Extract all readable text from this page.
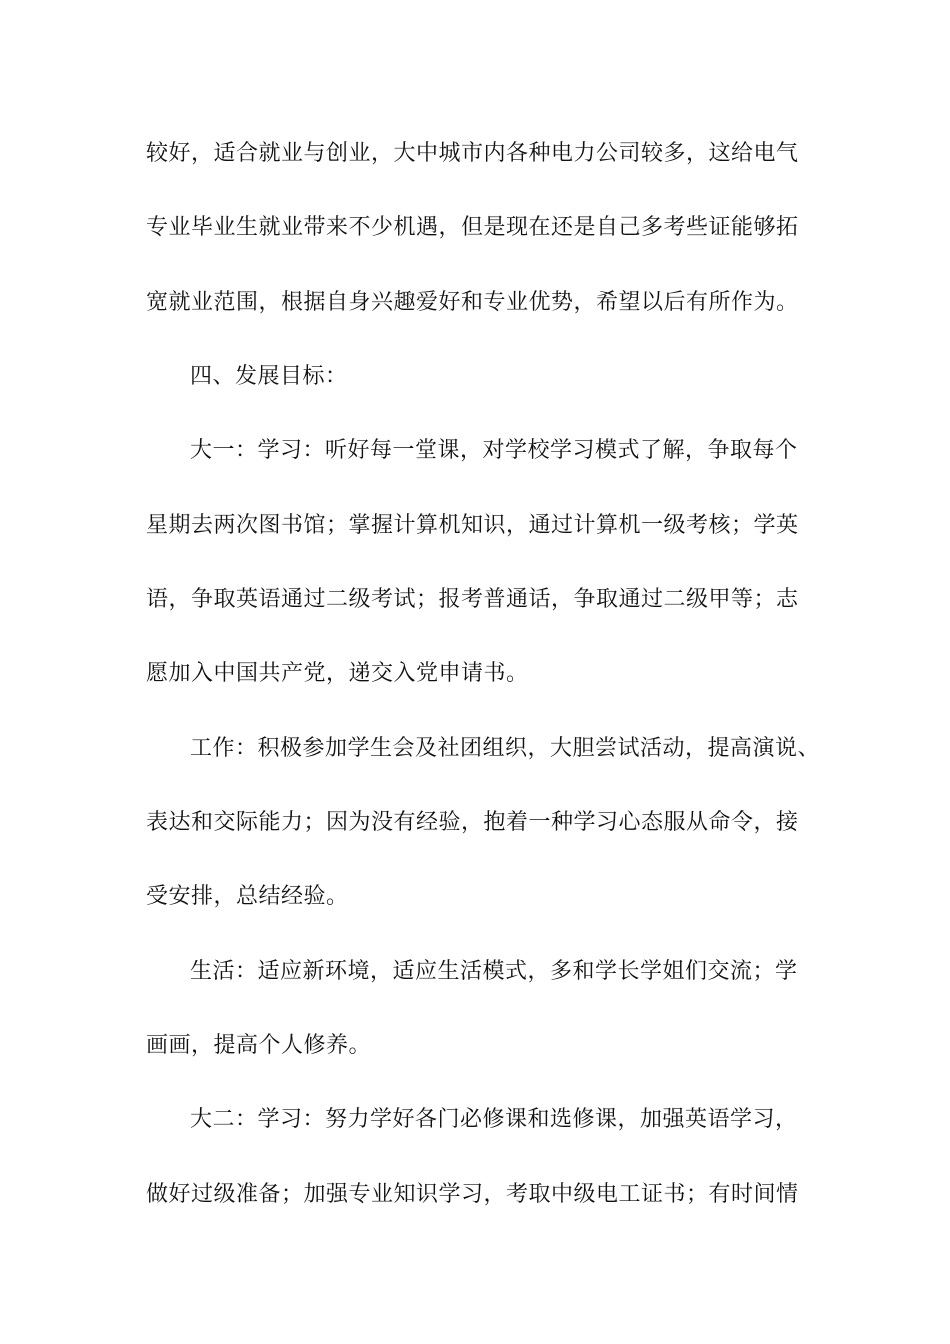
较好，适合就业与创业，大中城市内各种电力公司较多，这给电气
专业毕业生就业带来不少机遇，但是现在还是自己多考些证能够拓
宽就业范围，根据自身兴趣爱好和专业优势，希望以后有所作为。
四、发展目标：
大一：学习：听好每一堂课，对学校学习模式了解，争取每个
星期去两次图书馆；掌握计算机知识，通过计算机一级考核；学英
语，争取英语通过二级考试；报考普通话，争取通过二级甲等；志
愿加入中国共产党，递交入党申请书。
工作：积极参加学生会及社团组织，大胆尝试活动，提高演说、
表达和交际能力；因为没有经验，抱着一种学习心态服从命令，接
受安排，总结经验。
生活：适应新环境，适应生活模式，多和学长学姐们交流；学
画画，提高个人修养。
大二：学习：努力学好各门必修课和选修课，加强英语学习，
做好过级准备；加强专业知识学习，考取中级电工证书；有时间情
